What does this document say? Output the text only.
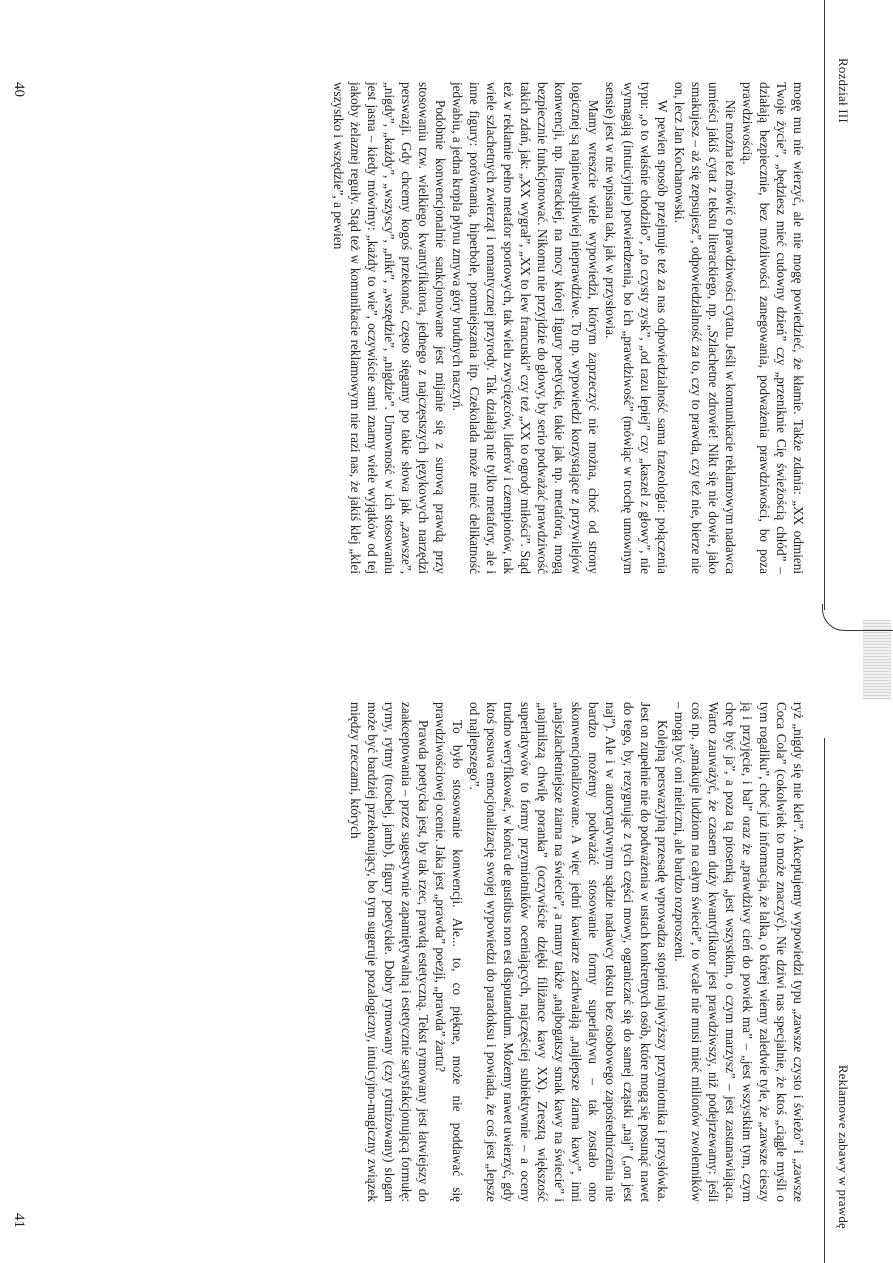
Rozdział III

mogę mu nie wierzyć, ale nie mogę powiedzieć, że kłamie. Także zdania: „XX odmieni Twoje życie”, „będziesz mieć cudowny dzień” czy „przeniknie Cię świeżością chłód” – działają bezpiecznie, bez możliwości zanegowania, podważenia prawdziwości, bo poza prawdziwością.

Nie można też mówić o prawdziwości cytatu. Jeśli w komunikacie reklamowym nadawca umieści jakiś cytat z tekstu literackiego, np. „Szlachetne zdrowie! Nikt się nie dowie, jako smakujesz – aż się zepsujesz”, odpowiedzialność za to, czy to prawda, czy też nie, bierze nie on, lecz Jan Kochanowski.

W pewien sposób przejmuje też za nas odpowiedzialność sama frazeologia: połączenia typu: „o to właśnie chodziło”, „to czysty zysk”, „od razu lepiej” czy „kaszel z głowy”, nie wymagają (intuicyjnie) potwierdzenia, bo ich „prawdziwość” (mówiąc w trochę umownym sensie) jest w nie wpisana tak, jak w przysłowia.

Mamy wreszcie wiele wypowiedzi, którym zaprzeczyć nie można, choć od strony logicznej są najniewątpliwiej nieprawdziwe. To np. wypowiedzi korzystające z przywilejów konwencji, np. literackiej, na mocy której figury poetyckie, takie jak np. metafora, mogą bezpiecznie funkcjonować. Nikomu nie przyjdzie do głowy, by serio podważać prawdziwość takich zdań, jak: „XX wygrał”, „XX to lew francuski” czy też „XX to ogrody miłości”. Stąd też w reklamie pełno metafor sportowych, tak wielu zwycięzców, liderów i czempionów, tak wiele szlachetnych zwierząt i romantycznej przyrody. Tak działają nie tylko metafory, ale i inne figury: porównania, hiperbole, pomniejszania itp. Czekolada może mieć delikatność jedwabiu, a jedna kropla płynu zmywa góry brudnych naczyń.

Podobnie konwencjonalnie sankcjonowane jest mijanie się z surową prawdą przy stosowaniu tzw. wielkiego kwantyfikatora, jednego z najczęstszych językowych narzędzi perswazji. Gdy chcemy kogoś przekonać, często sięgamy po takie słowa jak „zawsze”, „nigdy”, „każdy”, „wszyscy”, „nikt”, „wszędzie”, „nigdzie”. Umowność w ich stosowaniu jest jasna – kiedy mówimy: „każdy to wie”, oczywiście sami znamy wiele wyjątków od tej jakoby żelaznej reguły. Stąd też w komunikacie reklamowym nie razi nas, że jakiś klej „klei wszystko i wszędzie”, a pewien

40
Reklamowe zabawy w prawdę

ryż „nigdy się nie klei”. Akceptujemy wypowiedzi typu „zawsze czysto i świeżo” i „zawsze Coca Cola” (cokolwiek to może znaczyć). Nie dziwi nas specjalnie, że ktoś „ciągle myśli o tym rogaliku”, choć już informacja, że lalka, o której wiemy zaledwie tyle, że „zawsze cieszy ją i przyjęcie, i bal” oraz że „prawdziwy cień do powiek ma” – „jest wszystkim tym, czym chcę być ja”, a poza tą piosenką „jest wszystkim, o czym marzysz” – jest zastanawiająca. Warto zauważyć, że czasem duży kwantyfikator jest prawdziwszy, niż podejrzewamy: jeśli coś np. „smakuje ludziom na całym świecie”, to wcale nie musi mieć milionów zwolenników – mogą być oni nieliczni, ale bardzo rozproszeni.

Kolejną perswazyjną przesadę wprowadza stopień najwyższy przymiotnika i przysłówka. Jest on zupełnie nie do podważenia w ustach konkretnych osób, które mogą się posunąć nawet do tego, by, rezygnując z tych części mowy, ograniczać się do samej cząstki „naj” („on jest naj”). Ale i w autorytatywnym sądzie nadawcy tekstu bez osobowego zapośredniczenia nie bardzo możemy podważać stosowanie formy superlatywu – tak zostało ono skonwencjonalizowane. A więc jedni kawiarze zachwalają „najlepsze ziarna kawy”, inni „najszlachetniejsze ziarna na świecie”, a mamy także „najbogatszy smak kawy na świecie” i „najmilszą chwilę poranka” (oczywiście dzięki filiżance kawy XX). Zresztą większość superlatywów to formy przymiotników oceniających, najczęściej subiektywnie – a oceny trudno weryfikować, w końcu de gustibus non est disputandum. Możemy nawet uwierzyć, gdy ktoś posuwa emocjonalizację swojej wypowiedzi do paradoksu i powiada, że coś jest „lepsze od najlepszego”.

To było stosowanie konwencji. Ale... to, co piękne, może nie poddawać się prawdziwościowej ocenie. Jaka jest „prawda” poezji, „prawda” żartu?

Prawda poetycka jest, by tak rzec, prawdą estetyczną. Tekst rymowany jest łatwiejszy do zaakceptowania – przez sugestywnie zapamiętywalną i estetycznie satysfakcjonującą formułę: rymy, rytmy (trochej, jamb), figury poetyckie. Dobry rymowany (czy rytmizowany) slogan może być bardziej przekonujący, bo tym sugeruje pozalogiczny, intuicyjno-magiczny związek między rzeczami, których

41
